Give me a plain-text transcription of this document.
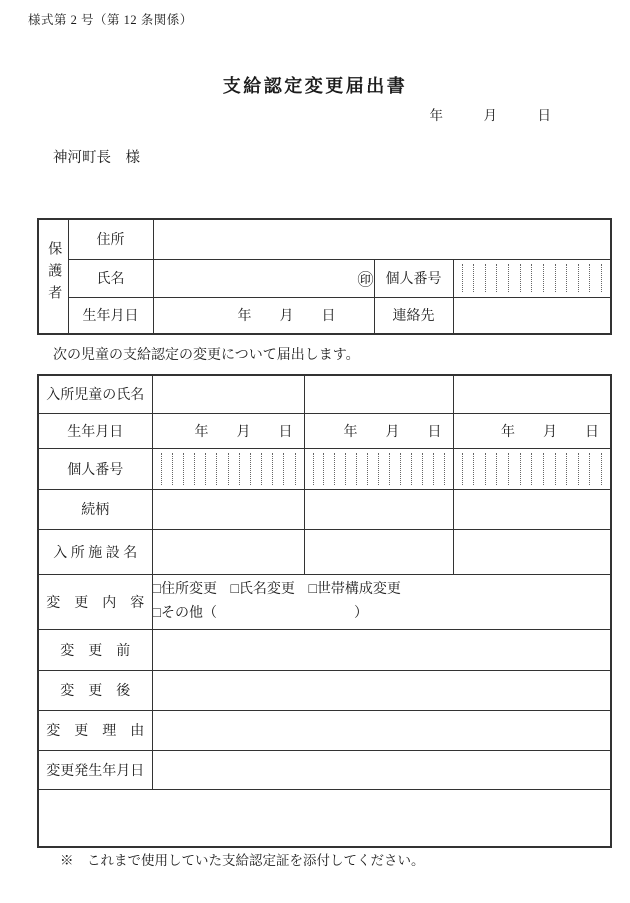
様式第 2 号（第 12 条関係）
支給認定変更届出書
年　　　月　　　日
神河町長　様
保護者	住所			
	氏名	㊞	個人番号	

	生年月日	年　　月　　日	連絡先	
次の児童の支給認定の変更について届出します。
入所児童の氏名			
生年月日	年　　月　　日	年　　月　　日	年　　月　　日
個人番号	

続柄			
入 所 施 設 名			
変　更　内　容	□住所変更 □氏名変更 □世帯構成変更
□その他（ ）		

変　更　前			
変　更　後			
変　更　理　由			
変更発生年月日			

※　これまで使用していた支給認定証を添付してください。
